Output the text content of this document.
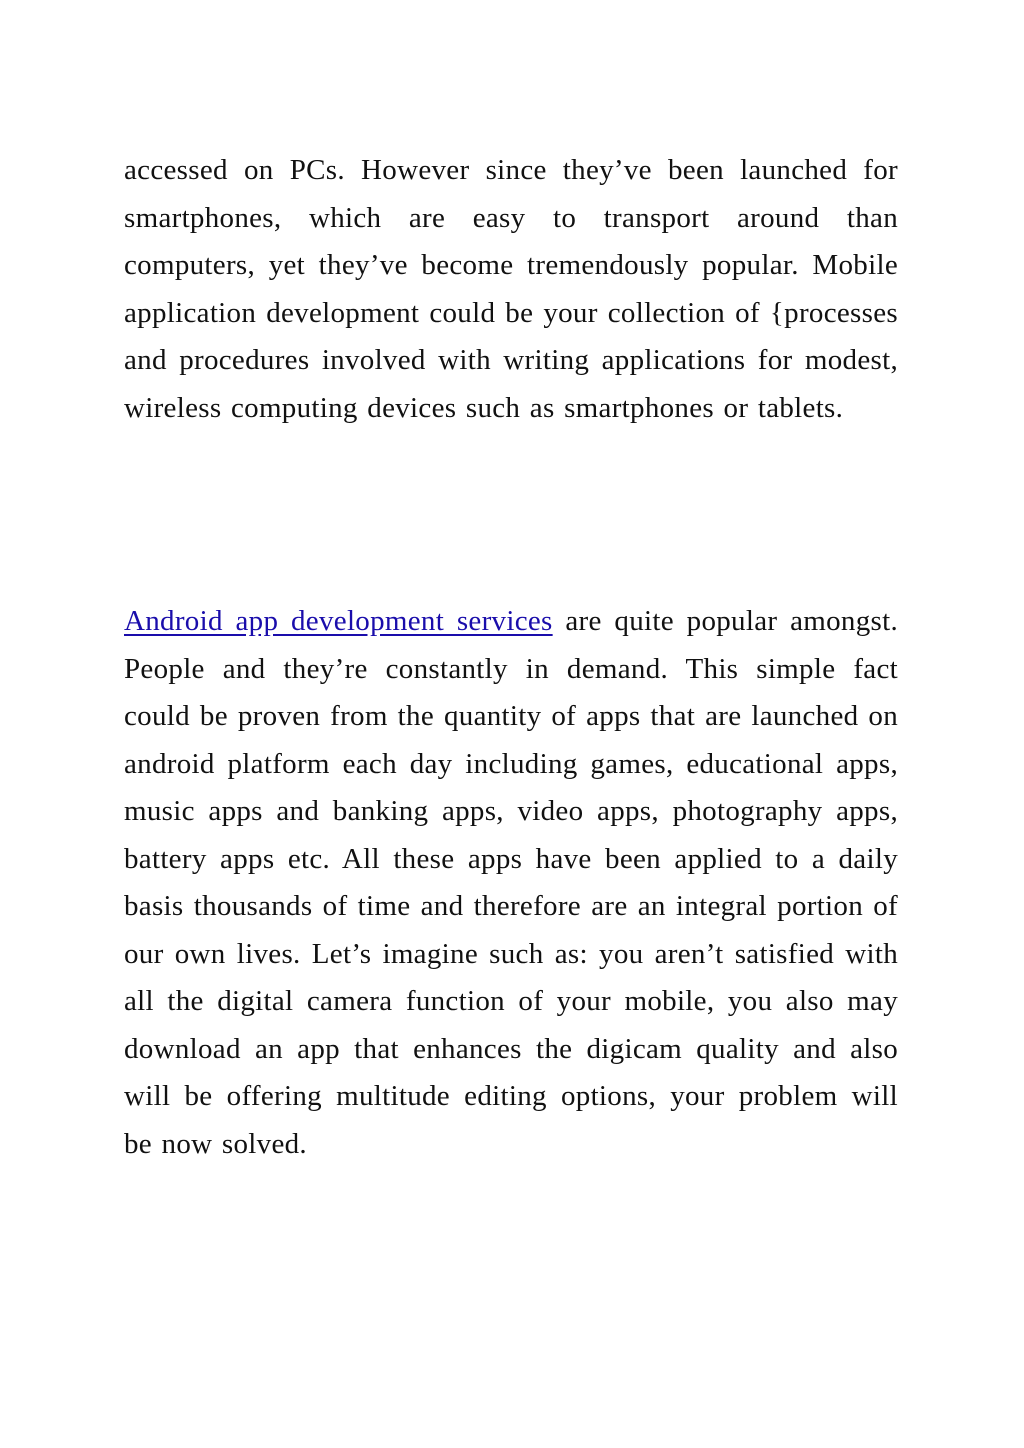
accessed on PCs. However since they’ve been launched for smartphones, which are easy to transport around than computers, yet they’ve become tremendously popular. Mobile application development could be your collection of {processes and procedures involved with writing applications for modest, wireless computing devices such as smartphones or tablets.

Android app development services are quite popular amongst. People and they’re constantly in demand. This simple fact could be proven from the quantity of apps that are launched on android platform each day including games, educational apps, music apps and banking apps, video apps, photography apps, battery apps etc. All these apps have been applied to a daily basis thousands of time and therefore are an integral portion of our own lives. Let’s imagine such as: you aren’t satisfied with all the digital camera function of your mobile, you also may download an app that enhances the digicam quality and also will be offering multitude editing options, your problem will be now solved.
